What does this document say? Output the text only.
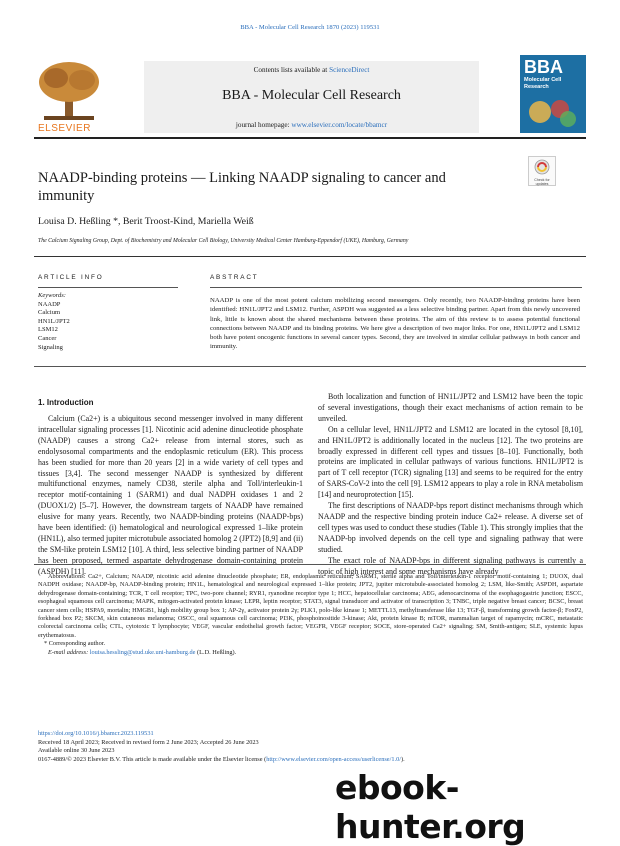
BBA - Molecular Cell Research 1870 (2023) 119531
ELSEVIER
Contents lists available at ScienceDirect
BBA - Molecular Cell Research
journal homepage: www.elsevier.com/locate/bbamcr
BBA
Molecular Cell Research
Check for updates
NAADP-binding proteins — Linking NAADP signaling to cancer and immunity
Louisa D. Heßling *, Berit Troost-Kind, Mariella Weiß
The Calcium Signaling Group, Dept. of Biochemistry and Molecular Cell Biology, University Medical Center Hamburg-Eppendorf (UKE), Hamburg, Germany
ARTICLE INFO
Keywords:
NAADP
Calcium
HN1L/JPT2
LSM12
Cancer
Signaling
ABSTRACT
NAADP is one of the most potent calcium mobilizing second messengers. Only recently, two NAADP-binding proteins have been identified: HN1L/JPT2 and LSM12. Further, ASPDH was suggested as a less selective binding partner. Apart from this newly uncovered link, little is known about the shared mechanisms between these proteins. The aim of this review is to assess potential functional connections between NAADP and its binding proteins. We here give a description of two major links. For one, HN1L/JPT2 and LSM12 both have potent oncogenic functions in several cancer types. Second, they are involved in similar cellular pathways in both cancer and immunity.
1. Introduction

Calcium (Ca2+) is a ubiquitous second messenger involved in many different intracellular signaling processes [1]. Nicotinic acid adenine dinucleotide phosphate (NAADP) causes a strong Ca2+ release from internal stores, such as endolysosomal compartments and the endoplasmic reticulum (ER). This process has been studied for more than 20 years [2] in a wide variety of cell types and tissues [3,4]. The second messenger NAADP is synthesized by different multifunctional enzymes, namely CD38, sterile alpha and Toll/interleukin-1 receptor motif-containing 1 (SARM1) and dual NADPH oxidases 1 and 2 (DUOX1/2) [5–7]. However, the downstream targets of NAADP have remained elusive for many years. Recently, two NAADP-binding proteins (NAADP-bps) have been identified: (i) hematological and neurological expressed 1–like protein (HN1L), also termed jupiter microtubule associated homolog 2 (JPT2) [8,9] and (ii) the SM-like protein LSM12 [10]. A third, less selective binding partner of NAADP has been proposed, termed aspartate dehydrogenase domain-containing protein (ASPDH) [11].

Both localization and function of HN1L/JPT2 and LSM12 have been the topic of several investigations, though their exact mechanisms of action remain to be unveiled.

On a cellular level, HN1L/JPT2 and LSM12 are located in the cytosol [8,10], and HN1L/JPT2 is additionally located in the nucleus [12]. The two proteins are broadly expressed in different cell types and tissues [8–10]. Functionally, both proteins are implicated in cellular pathways of various functions. HN1L/JPT2 is part of T cell receptor (TCR) signaling [13] and seems to be required for the entry of SARS-CoV-2 into the cell [9]. LSM12 appears to play a role in RNA metabolism [14] and neuroprotection [15].

The first descriptions of NAADP-bps report distinct mechanisms through which NAADP and the respective binding protein induce Ca2+ release. A diverse set of cell types was used to conduct these studies (Table 1). This strongly implies that the NAADP-bp involved depends on the cell type and signaling pathway that were studied.

The exact role of NAADP-bps in different signaling pathways is currently a topic of high interest and some mechanisms have already

Abbreviations: Ca2+, Calcium; NAADP, nicotinic acid adenine dinucleotide phosphate; ER, endoplasmic reticulum; SARM1, sterile alpha and Toll/interleukin-1 receptor motif-containing 1; DUOX, dual NADPH oxidase; NAADP-bp, NAADP-binding protein; HN1L, hematological and neurological expressed 1–like protein; JPT2, jupiter microtubule-associated homolog 2; LSM, like-Smith; ASPDH, aspartate dehydrogenase domain-containing; TCR, T cell receptor; TPC, two-pore channel; RYR1, ryanodine receptor type 1; HCC, hepatocellular carcinoma; AEG, adenocarcinoma of the esophagogastric junction; ESCC, esophageal squamous cell carcinoma; MAPK, mitogen-activated protein kinase; LEPR, leptin receptor; STAT3, signal transducer and activator of transcription 3; TNBC, triple negative breast cancer; BCSC, breast cancer stem cells; HSPA9, mortalin; HMGB1, high mobility group box 1; AP-2γ, activator protein 2γ; PLK1, polo-like kinase 1; METTL13, methyltransferase like 13; TGF-β, transforming growth factor-β; FoxP2, forkhead box P2; SKCM, skin cutaneous melanoma; OSCC, oral squamous cell carcinoma; PI3K, phosphoinositide 3-kinase; Akt, protein kinase B; mTOR, mammalian target of rapamycin; mCRC, metastatic colorectal carcinoma cells; CTL, cytotoxic T lymphocyte; VEGF, vascular endothelial growth factor; VEGFR, VEGF receptor; SOCE, store-operated Ca2+ signaling; SM, Smith-antigen; SLE, systemic lupus erythematosus.
* Corresponding author.
E-mail address: louisa.hessling@stud.uke.uni-hamburg.de (L.D. Heßling).
https://doi.org/10.1016/j.bbamcr.2023.119531
Received 18 April 2023; Received in revised form 2 June 2023; Accepted 26 June 2023
Available online 30 June 2023
0167-4889/© 2023 Elsevier B.V. This article is made available under the Elsevier license (http://www.elsevier.com/open-access/userlicense/1.0/).
ebook-hunter.org
